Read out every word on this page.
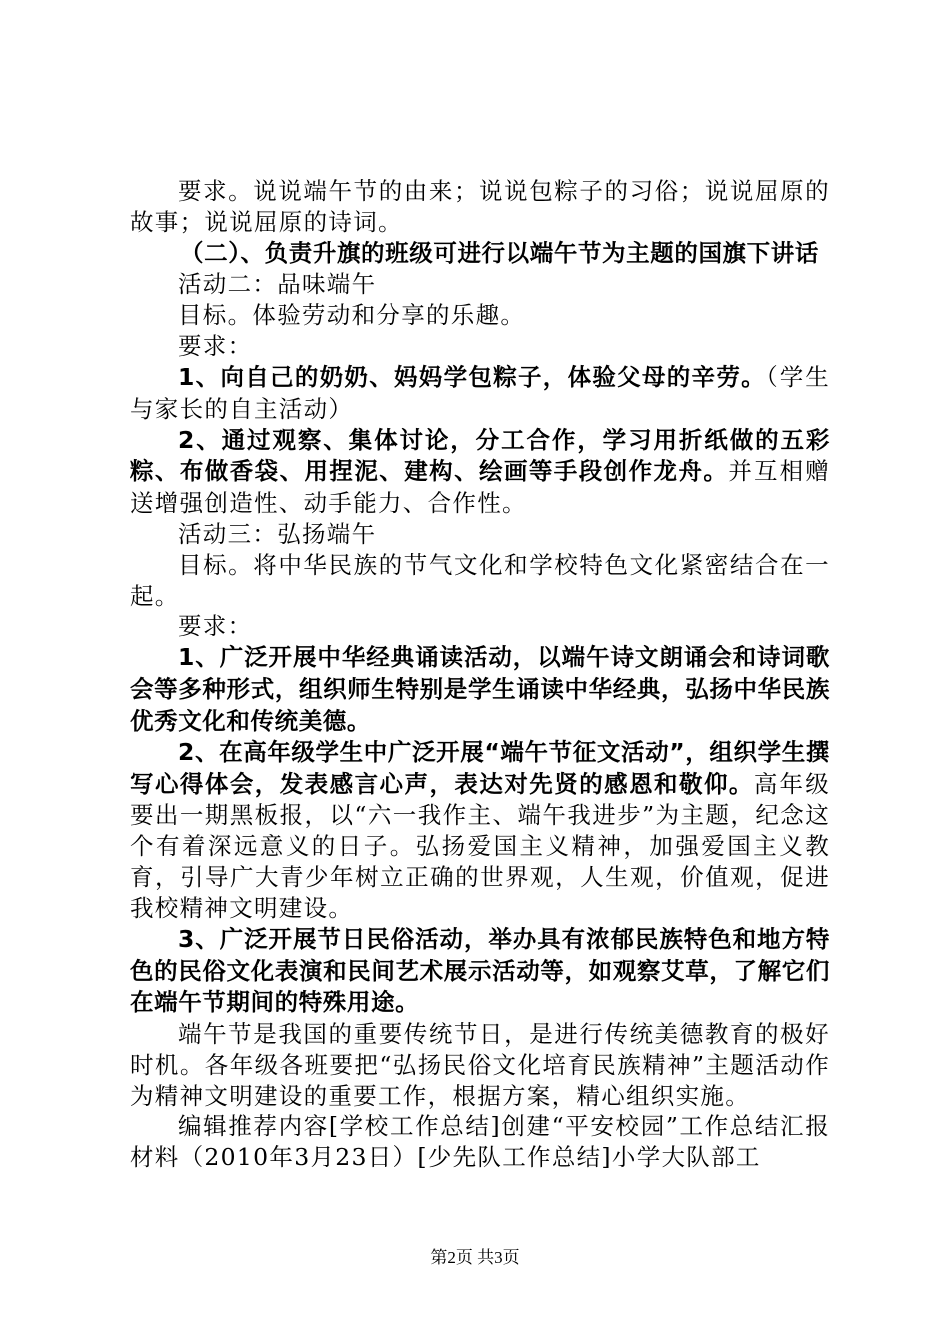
要求。说说端午节的由来；说说包粽子的习俗；说说屈原的故事；说说屈原的诗词。

（二）、负责升旗的班级可进行以端午节为主题的国旗下讲话

活动二：品味端午

目标。体验劳动和分享的乐趣。

要求：

1、向自己的奶奶、妈妈学包粽子，体验父母的辛劳。（学生与家长的自主活动）

2、通过观察、集体讨论，分工合作，学习用折纸做的五彩粽、布做香袋、用捏泥、建构、绘画等手段创作龙舟。并互相赠送增强创造性、动手能力、合作性。

活动三：弘扬端午

目标。将中华民族的节气文化和学校特色文化紧密结合在一起。

要求：

1、广泛开展中华经典诵读活动，以端午诗文朗诵会和诗词歌会等多种形式，组织师生特别是学生诵读中华经典，弘扬中华民族优秀文化和传统美德。

2、在高年级学生中广泛开展“端午节征文活动”，组织学生撰写心得体会，发表感言心声，表达对先贤的感恩和敬仰。高年级要出一期黑板报，以“六一我作主、端午我进步”为主题，纪念这个有着深远意义的日子。弘扬爱国主义精神，加强爱国主义教育，引导广大青少年树立正确的世界观，人生观，价值观，促进我校精神文明建设。

3、广泛开展节日民俗活动，举办具有浓郁民族特色和地方特色的民俗文化表演和民间艺术展示活动等，如观察艾草，了解它们在端午节期间的特殊用途。

端午节是我国的重要传统节日，是进行传统美德教育的极好时机。各年级各班要把“弘扬民俗文化培育民族精神”主题活动作为精神文明建设的重要工作，根据方案，精心组织实施。

编辑推荐内容[学校工作总结]创建“平安校园”工作总结汇报材料（2010年3月23日）[少先队工作总结]小学大队部工

第2页 共3页
